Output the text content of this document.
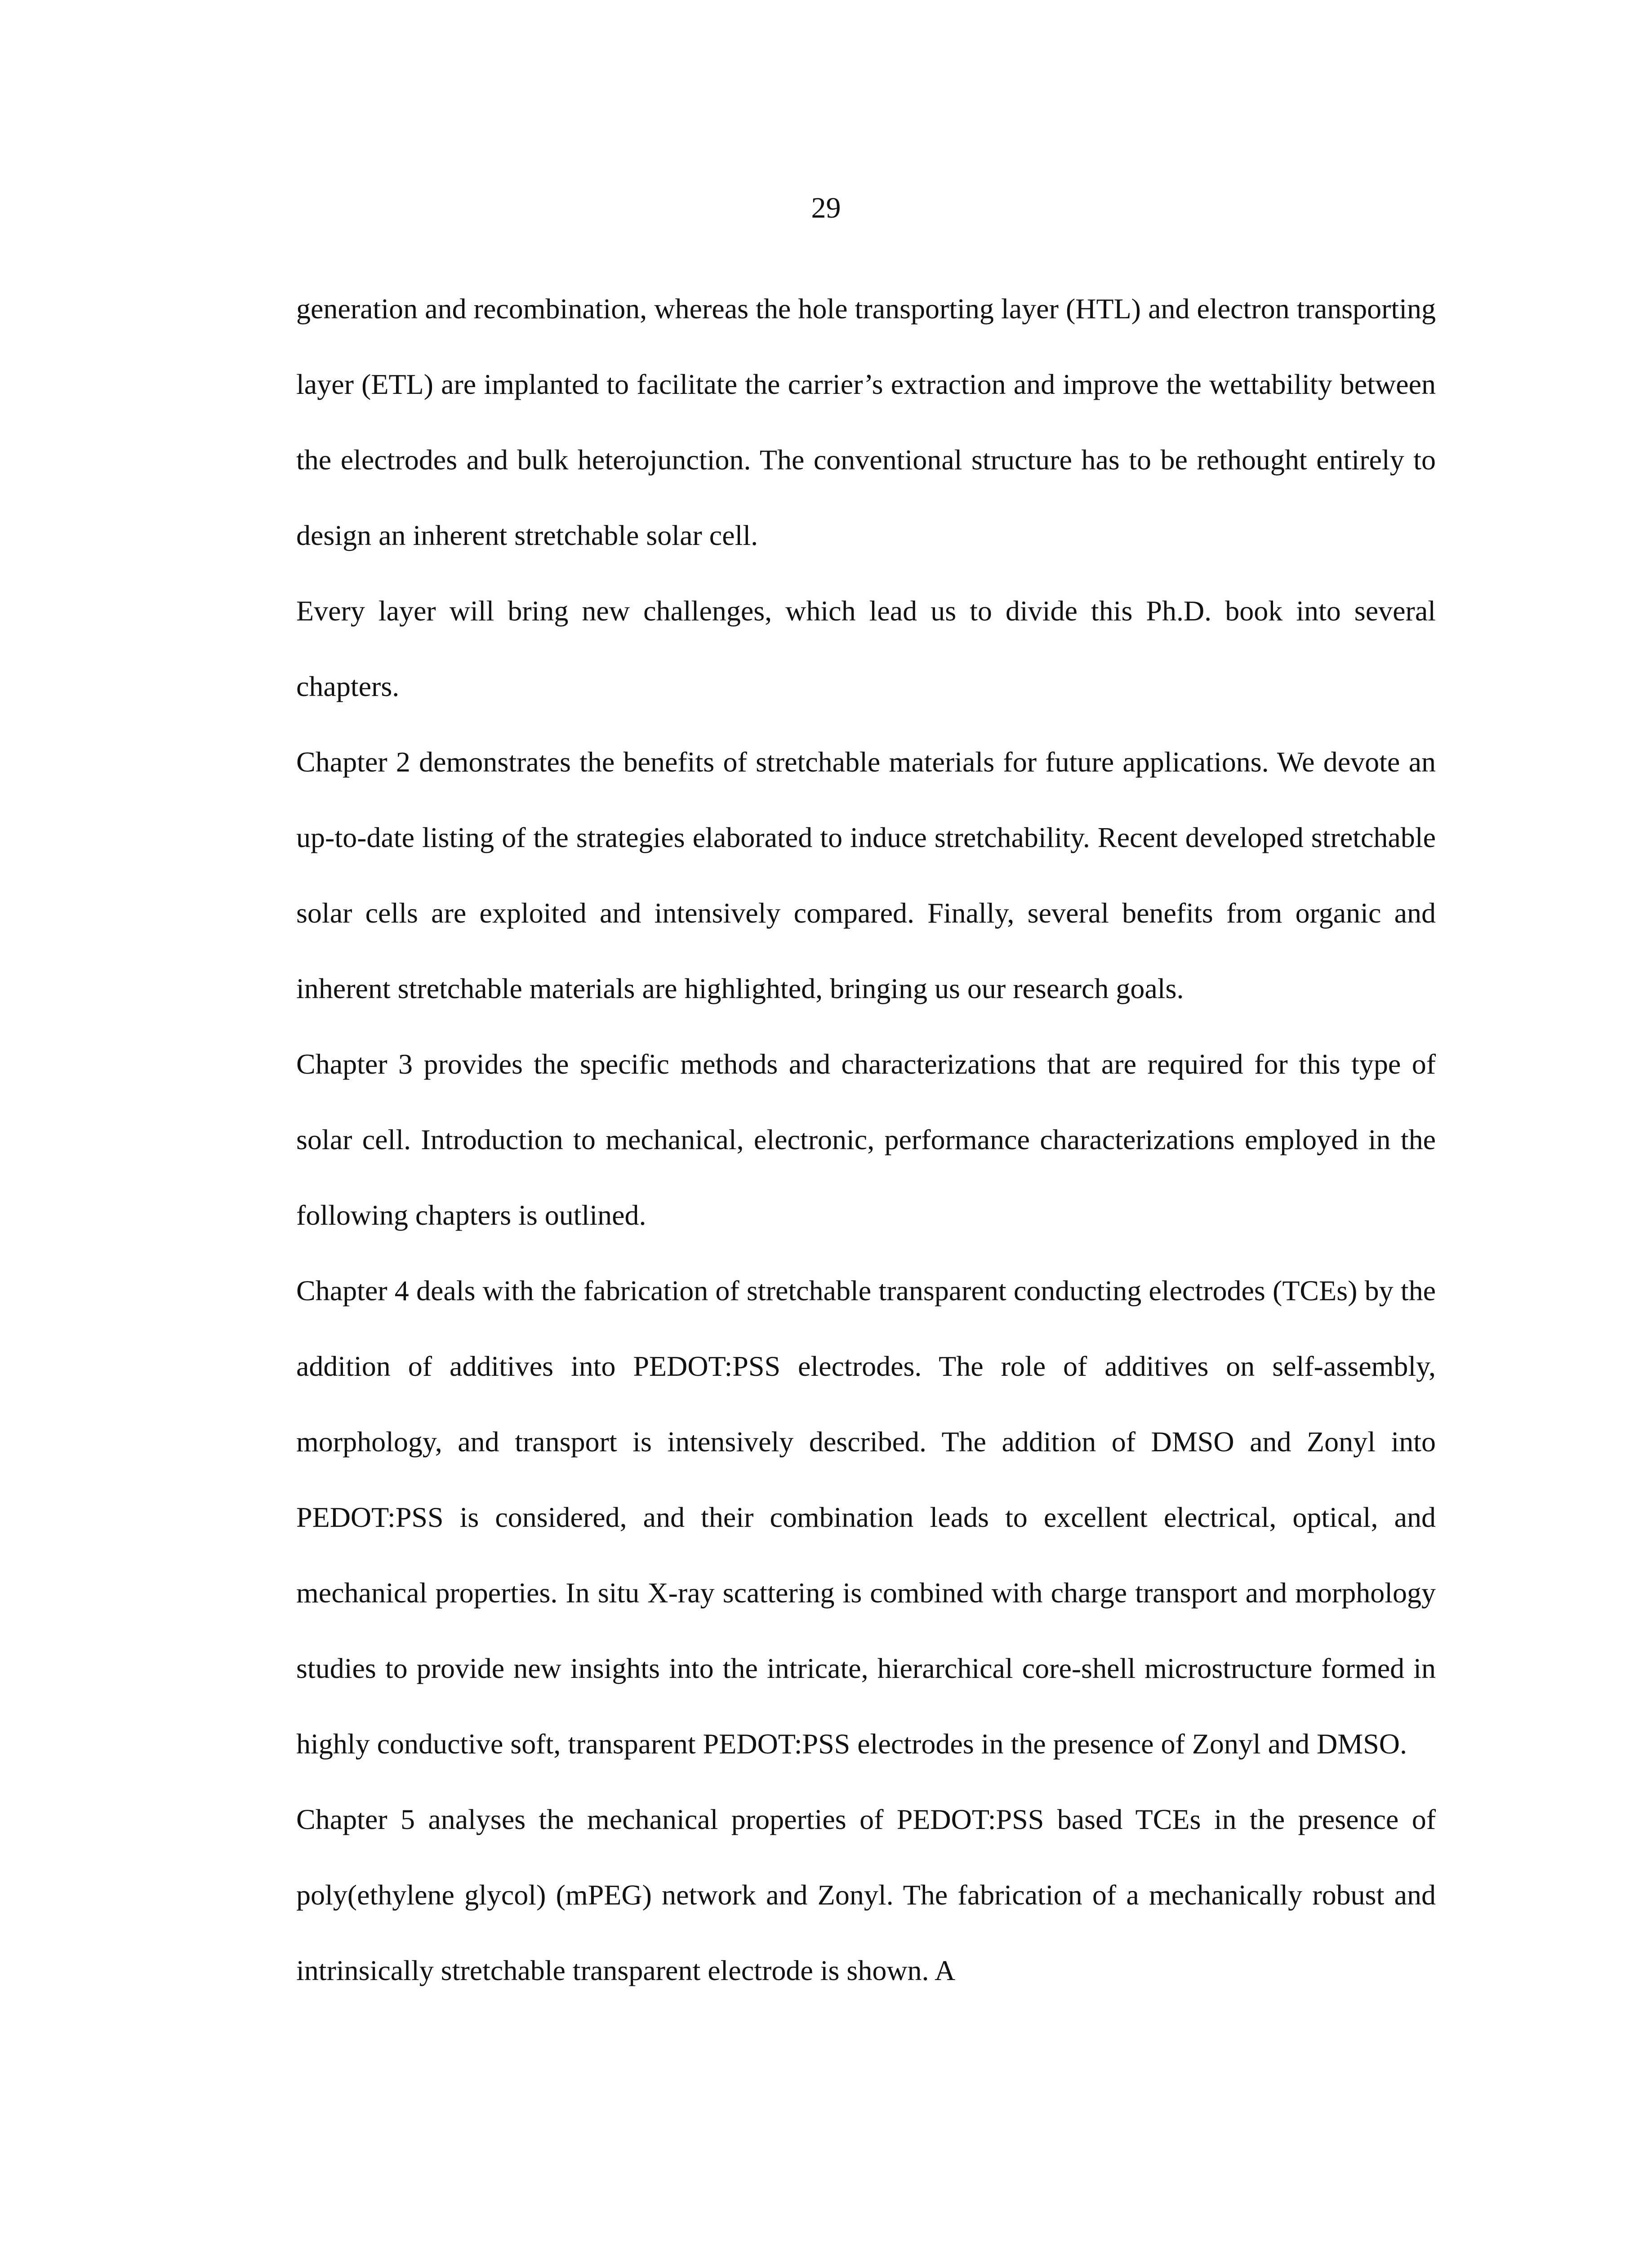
29

generation and recombination, whereas the hole transporting layer (HTL) and electron transporting layer (ETL) are implanted to facilitate the carrier’s extraction and improve the wettability between the electrodes and bulk heterojunction. The conventional structure has to be rethought entirely to design an inherent stretchable solar cell.

Every layer will bring new challenges, which lead us to divide this Ph.D. book into several chapters.

Chapter 2 demonstrates the benefits of stretchable materials for future applications. We devote an up-to-date listing of the strategies elaborated to induce stretchability. Recent developed stretchable solar cells are exploited and intensively compared. Finally, several benefits from organic and inherent stretchable materials are highlighted, bringing us our research goals.

Chapter 3 provides the specific methods and characterizations that are required for this type of solar cell. Introduction to mechanical, electronic, performance characterizations employed in the following chapters is outlined.

Chapter 4 deals with the fabrication of stretchable transparent conducting electrodes (TCEs) by the addition of additives into PEDOT:PSS electrodes. The role of additives on self-assembly, morphology, and transport is intensively described. The addition of DMSO and Zonyl into PEDOT:PSS is considered, and their combination leads to excellent electrical, optical, and mechanical properties. In situ X-ray scattering is combined with charge transport and morphology studies to provide new insights into the intricate, hierarchical core-shell microstructure formed in highly conductive soft, transparent PEDOT:PSS electrodes in the presence of Zonyl and DMSO.

Chapter 5 analyses the mechanical properties of PEDOT:PSS based TCEs in the presence of poly(ethylene glycol) (mPEG) network and Zonyl. The fabrication of a mechanically robust and intrinsically stretchable transparent electrode is shown. A
